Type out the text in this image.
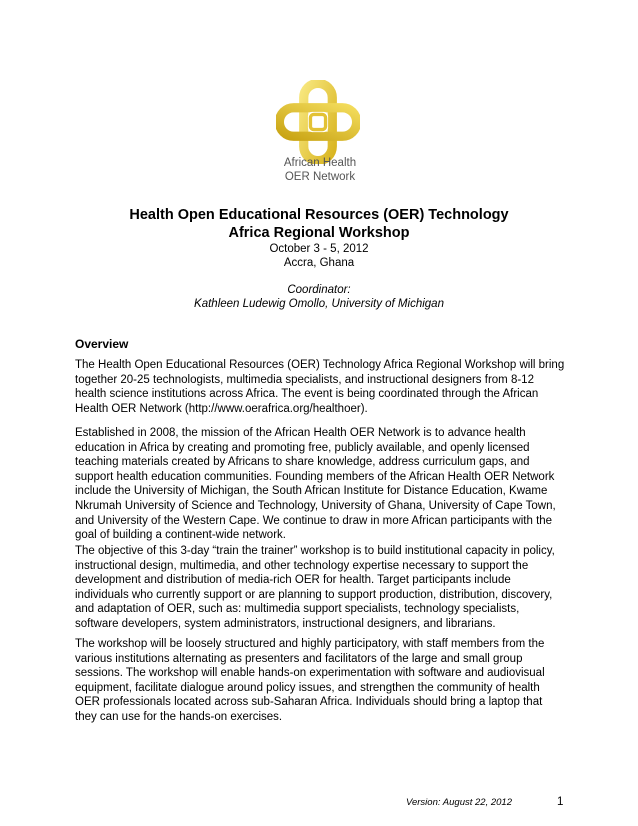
African Health
OER Network
Health Open Educational Resources (OER) Technology
Africa Regional Workshop
October 3 - 5, 2012
Accra, Ghana
Coordinator:
Kathleen Ludewig Omollo, University of Michigan
Overview
The Health Open Educational Resources (OER) Technology Africa Regional Workshop will bring together 20-25 technologists, multimedia specialists, and instructional designers from 8-12 health science institutions across Africa. The event is being coordinated through the African Health OER Network (http://www.oerafrica.org/healthoer).
Established in 2008, the mission of the African Health OER Network is to advance health education in Africa by creating and promoting free, publicly available, and openly licensed teaching materials created by Africans to share knowledge, address curriculum gaps, and support health education communities. Founding members of the African Health OER Network include the University of Michigan, the South African Institute for Distance Education, Kwame Nkrumah University of Science and Technology, University of Ghana, University of Cape Town, and University of the Western Cape. We continue to draw in more African participants with the goal of building a continent-wide network.
The objective of this 3-day “train the trainer” workshop is to build institutional capacity in policy, instructional design, multimedia, and other technology expertise necessary to support the development and distribution of media-rich OER for health. Target participants include individuals who currently support or are planning to support production, distribution, discovery, and adaptation of OER, such as: multimedia support specialists, technology specialists, software developers, system administrators, instructional designers, and librarians.
The workshop will be loosely structured and highly participatory, with staff members from the various institutions alternating as presenters and facilitators of the large and small group sessions. The workshop will enable hands-on experimentation with software and audiovisual equipment, facilitate dialogue around policy issues, and strengthen the community of health OER professionals located across sub-Saharan Africa. Individuals should bring a laptop that they can use for the hands-on exercises.
Version: August 22, 2012	1
